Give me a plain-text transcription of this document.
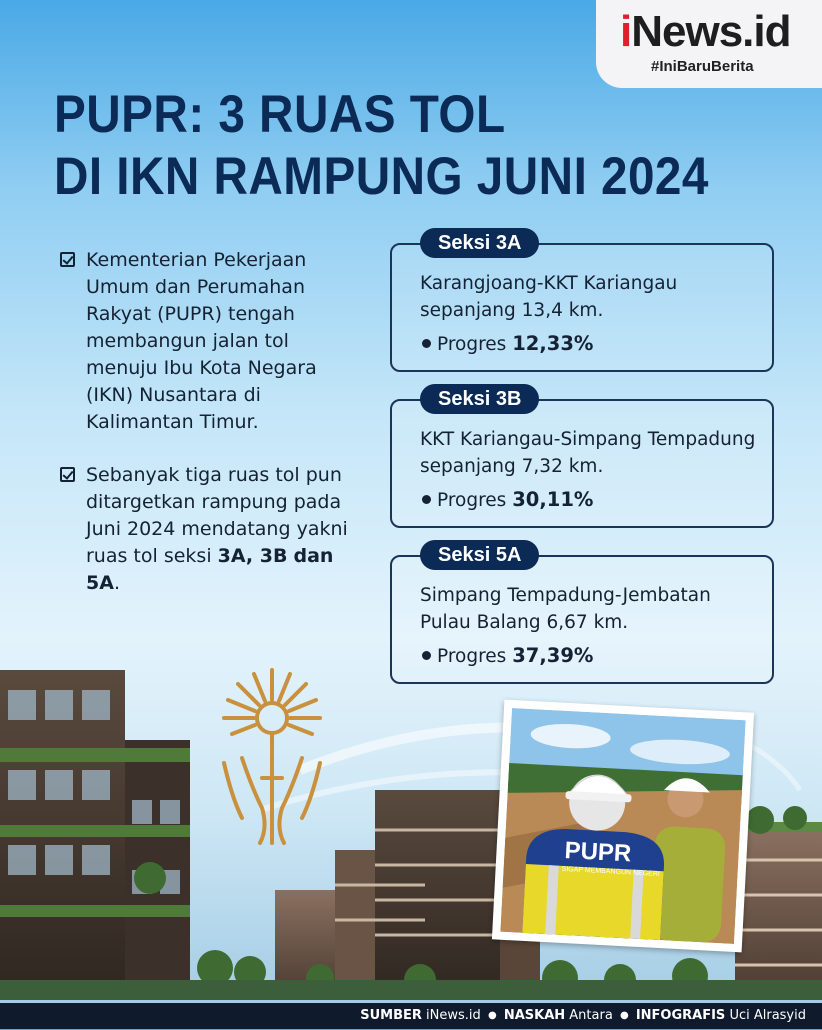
iNews.id
#IniBaruBerita
PUPR: 3 RUAS TOL
DI IKN RAMPUNG JUNI 2024
Kementerian Pekerjaan Umum dan Perumahan Rakyat (PUPR) tengah membangun jalan tol menuju Ibu Kota Negara (IKN) Nusantara di Kalimantan Timur.
Sebanyak tiga ruas tol pun ditargetkan rampung pada Juni 2024 mendatang yakni ruas tol seksi 3A, 3B dan 5A.
Seksi 3A
Karangjoang-KKT Kariangau sepanjang 13,4 km.
Progres 12,33%
Seksi 3B
KKT Kariangau-Simpang Tempadung sepanjang 7,32 km.
Progres 30,11%
Seksi 5A
Simpang Tempadung-Jembatan Pulau Balang 6,67 km.
Progres 37,39%
PUPR
SIGAP MEMBANGUN NEGERI
SUMBER iNews.id ● NASKAH Antara ● INFOGRAFIS Uci Alrasyid
